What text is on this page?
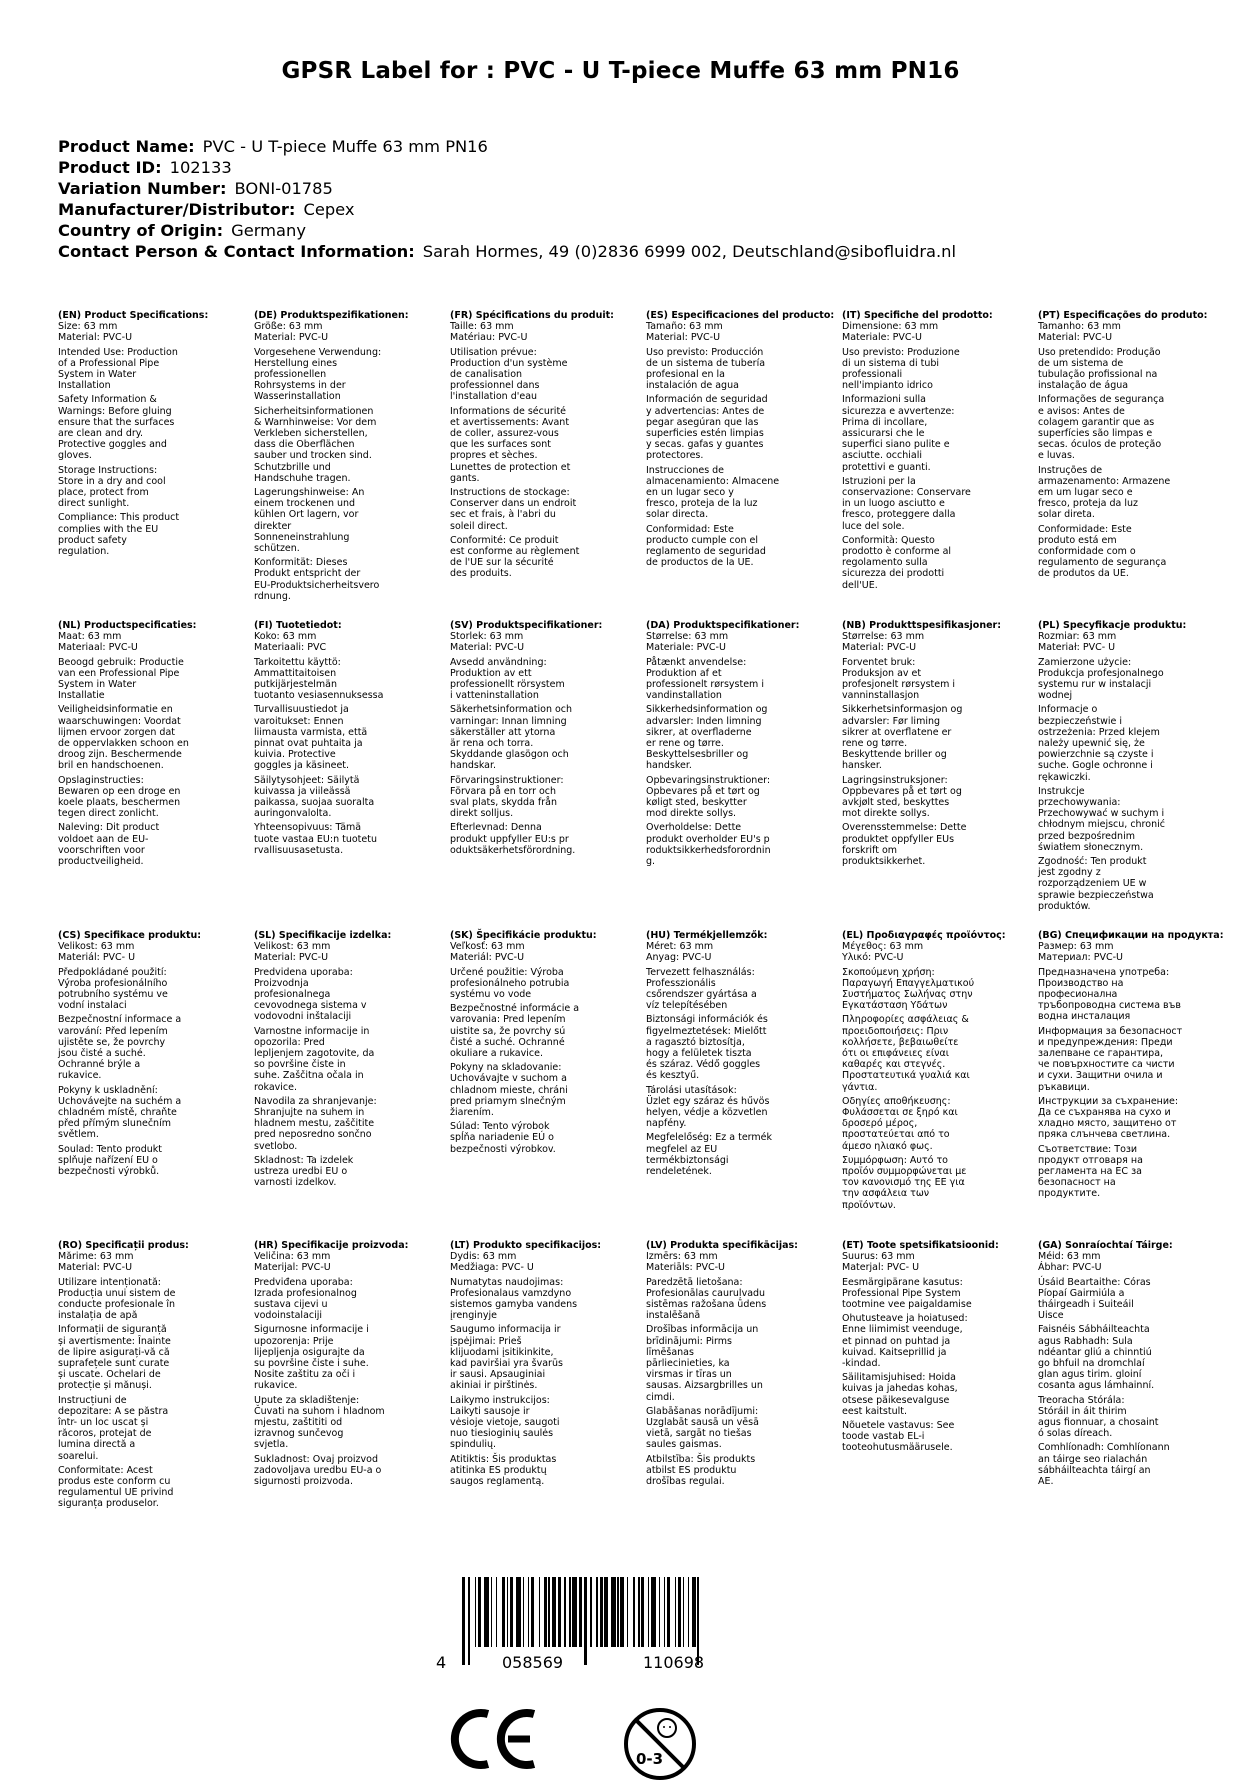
GPSR Label for : PVC - U T-piece Muffe 63 mm PN16
Product Name: PVC - U T-piece Muffe 63 mm PN16
Product ID: 102133
Variation Number: BONI-01785
Manufacturer/Distributor: Cepex
Country of Origin: Germany
Contact Person & Contact Information: Sarah Hormes, 49 (0)2836 6999 002, Deutschland@sibofluidra.nl
(EN) Product Specifications:
Size: 63 mm
Material: PVC-U

Intended Use: Production
of a Professional Pipe
System in Water
Installation

Safety Information &
Warnings: Before gluing
ensure that the surfaces
are clean and dry.
Protective goggles and
gloves.

Storage Instructions:
Store in a dry and cool
place, protect from
direct sunlight.

Compliance: This product
complies with the EU
product safety
regulation.

(DE) Produktspezifikationen:
Größe: 63 mm
Material: PVC-U

Vorgesehene Verwendung:
Herstellung eines
professionellen
Rohrsystems in der
Wasserinstallation

Sicherheitsinformationen
& Warnhinweise: Vor dem
Verkleben sicherstellen,
dass die Oberflächen
sauber und trocken sind.
Schutzbrille und
Handschuhe tragen.

Lagerungshinweise: An
einem trockenen und
kühlen Ort lagern, vor
direkter
Sonneneinstrahlung
schützen.

Konformität: Dieses
Produkt entspricht der
EU-Produktsicherheitsvero
rdnung.

(FR) Spécifications du produit:
Taille: 63 mm
Matériau: PVC-U

Utilisation prévue:
Production d'un système
de canalisation
professionnel dans
l'installation d'eau

Informations de sécurité
et avertissements: Avant
de coller, assurez-vous
que les surfaces sont
propres et sèches.
Lunettes de protection et
gants.

Instructions de stockage:
Conserver dans un endroit
sec et frais, à l'abri du
soleil direct.

Conformité: Ce produit
est conforme au règlement
de l'UE sur la sécurité
des produits.

(ES) Especificaciones del producto:
Tamaño: 63 mm
Material: PVC-U

Uso previsto: Producción
de un sistema de tubería
profesional en la
instalación de agua

Información de seguridad
y advertencias: Antes de
pegar asegúran que las
superficies estén limpias
y secas. gafas y guantes
protectores.

Instrucciones de
almacenamiento: Almacene
en un lugar seco y
fresco, proteja de la luz
solar directa.

Conformidad: Este
producto cumple con el
reglamento de seguridad
de productos de la UE.

(IT) Specifiche del prodotto:
Dimensione: 63 mm
Materiale: PVC-U

Uso previsto: Produzione
di un sistema di tubi
professionali
nell'impianto idrico

Informazioni sulla
sicurezza e avvertenze:
Prima di incollare,
assicurarsi che le
superfici siano pulite e
asciutte. occhiali
protettivi e guanti.

Istruzioni per la
conservazione: Conservare
in un luogo asciutto e
fresco, proteggere dalla
luce del sole.

Conformità: Questo
prodotto è conforme al
regolamento sulla
sicurezza dei prodotti
dell'UE.

(PT) Especificações do produto:
Tamanho: 63 mm
Material: PVC-U

Uso pretendido: Produção
de um sistema de
tubulação profissional na
instalação de água

Informações de segurança
e avisos: Antes de
colagem garantir que as
superfícies são limpas e
secas. óculos de proteção
e luvas.

Instruções de
armazenamento: Armazene
em um lugar seco e
fresco, proteja da luz
solar direta.

Conformidade: Este
produto está em
conformidade com o
regulamento de segurança
de produtos da UE.

(NL) Productspecificaties:
Maat: 63 mm
Materiaal: PVC-U

Beoogd gebruik: Productie
van een Professional Pipe
System in Water
Installatie

Veiligheidsinformatie en
waarschuwingen: Voordat
lijmen ervoor zorgen dat
de oppervlakken schoon en
droog zijn. Beschermende
bril en handschoenen.

Opslaginstructies:
Bewaren op een droge en
koele plaats, beschermen
tegen direct zonlicht.

Naleving: Dit product
voldoet aan de EU-
voorschriften voor
productveiligheid.

(FI) Tuotetiedot:
Koko: 63 mm
Materiaali: PVC

Tarkoitettu käyttö:
Ammattitaitoisen
putkijärjestelmän
tuotanto vesiasennuksessa

Turvallisuustiedot ja
varoitukset: Ennen
liimausta varmista, että
pinnat ovat puhtaita ja
kuivia. Protective
goggles ja käsineet.

Säilytysohjeet: Säilytä
kuivassa ja viileässä
paikassa, suojaa suoralta
auringonvalolta.

Yhteensopivuus: Tämä
tuote vastaa EU:n tuotetu
rvallisuusasetusta.

(SV) Produktspecifikationer:
Storlek: 63 mm
Material: PVC-U

Avsedd användning:
Produktion av ett
professionellt rörsystem
i vatteninstallation

Säkerhetsinformation och
varningar: Innan limning
säkerställer att ytorna
är rena och torra.
Skyddande glasögon och
handskar.

Förvaringsinstruktioner:
Förvara på en torr och
sval plats, skydda från
direkt solljus.

Efterlevnad: Denna
produkt uppfyller EU:s pr
oduktsäkerhetsförordning.

(DA) Produktspecifikationer:
Størrelse: 63 mm
Materiale: PVC-U

Påtænkt anvendelse:
Produktion af et
professionelt rørsystem i
vandinstallation

Sikkerhedsinformation og
advarsler: Inden limning
sikrer, at overfladerne
er rene og tørre.
Beskyttelsesbriller og
handsker.

Opbevaringsinstruktioner:
Opbevares på et tørt og
køligt sted, beskytter
mod direkte sollys.

Overholdelse: Dette
produkt overholder EU's p
roduktsikkerhedsforordnin
g.

(NB) Produkttspesifikasjoner:
Størrelse: 63 mm
Material: PVC-U

Forventet bruk:
Produksjon av et
profesjonelt rørsystem i
vanninstallasjon

Sikkerhetsinformasjon og
advarsler: Før liming
sikrer at overflatene er
rene og tørre.
Beskyttende briller og
hansker.

Lagringsinstruksjoner:
Oppbevares på et tørt og
avkjølt sted, beskyttes
mot direkte sollys.

Overensstemmelse: Dette
produktet oppfyller EUs
forskrift om
produktsikkerhet.

(PL) Specyfikacje produktu:
Rozmiar: 63 mm
Materiał: PVC- U

Zamierzone użycie:
Produkcja profesjonalnego
systemu rur w instalacji
wodnej

Informacje o
bezpieczeństwie i
ostrzeżenia: Przed klejem
należy upewnić się, że
powierzchnie są czyste i
suche. Gogle ochronne i
rękawiczki.

Instrukcje
przechowywania:
Przechowywać w suchym i
chłodnym miejscu, chronić
przed bezpośrednim
światłem słonecznym.

Zgodność: Ten produkt
jest zgodny z
rozporządzeniem UE w
sprawie bezpieczeństwa
produktów.

(CS) Specifikace produktu:
Velikost: 63 mm
Materiál: PVC- U

Předpokládané použití:
Výroba profesionálního
potrubního systému ve
vodní instalaci

Bezpečnostní informace a
varování: Před lepením
ujistěte se, že povrchy
jsou čisté a suché.
Ochranné brýle a
rukavice.

Pokyny k uskladnění:
Uchovávejte na suchém a
chladném místě, chraňte
před přímým slunečním
světlem.

Soulad: Tento produkt
splňuje nařízení EU o
bezpečnosti výrobků.

(SL) Specifikacije izdelka:
Velikost: 63 mm
Material: PVC-U

Predvidena uporaba:
Proizvodnja
profesionalnega
cevovodnega sistema v
vodovodni inštalaciji

Varnostne informacije in
opozorila: Pred
lepljenjem zagotovite, da
so površine čiste in
suhe. Zaščitna očala in
rokavice.

Navodila za shranjevanje:
Shranjujte na suhem in
hladnem mestu, zaščitite
pred neposredno sončno
svetlobo.

Skladnost: Ta izdelek
ustreza uredbi EU o
varnosti izdelkov.

(SK) Špecifikácie produktu:
Veľkosť: 63 mm
Materiál: PVC-U

Určené použitie: Výroba
profesionálneho potrubia
systému vo vode

Bezpečnostné informácie a
varovania: Pred lepením
uistite sa, že povrchy sú
čisté a suché. Ochranné
okuliare a rukavice.

Pokyny na skladovanie:
Uchovávajte v suchom a
chladnom mieste, chráni
pred priamym slnečným
žiarením.

Súlad: Tento výrobok
spĺňa nariadenie EÚ o
bezpečnosti výrobkov.

(HU) Termékjellemzők:
Méret: 63 mm
Anyag: PVC-U

Tervezett felhasználás:
Professzionális
csőrendszer gyártása a
víz telepítésében

Biztonsági információk és
figyelmeztetések: Mielőtt
a ragasztó biztosítja,
hogy a felületek tiszta
és száraz. Védő goggles
és kesztyű.

Tárolási utasítások:
Üzlet egy száraz és hűvös
helyen, védje a közvetlen
napfény.

Megfelelőség: Ez a termék
megfelel az EU
termékbiztonsági
rendeletének.

(EL) Προδιαγραφές προϊόντος:
Μέγεθος: 63 mm
Υλικό: PVC-U

Σκοπούμενη χρήση:
Παραγωγή Επαγγελματικού
Συστήματος Σωλήνας στην
Εγκατάσταση Υδάτων

Πληροφορίες ασφάλειας &
προειδοποιήσεις: Πριν
κολλήσετε, βεβαιωθείτε
ότι οι επιφάνειες είναι
καθαρές και στεγνές.
Προστατευτικά γυαλιά και
γάντια.

Οδηγίες αποθήκευσης:
Φυλάσσεται σε ξηρό και
δροσερό μέρος,
προστατεύεται από το
άμεσο ηλιακό φως.

Συμμόρφωση: Αυτό το
προϊόν συμμορφώνεται με
τον κανονισμό της ΕΕ για
την ασφάλεια των
προϊόντων.

(BG) Спецификации на продукта:
Размер: 63 mm
Материал: PVC-U

Предназначена употреба:
Производство на
професионална
тръбопроводна система във
водна инсталация

Информация за безопасност
и предупреждения: Преди
залепване се гарантира,
че повърхностите са чисти
и сухи. Защитни очила и
ръкавици.

Инструкции за съхранение:
Да се съхранява на сухо и
хладно място, защитено от
пряка слънчева светлина.

Съответствие: Този
продукт отговаря на
регламента на ЕС за
безопасност на
продуктите.

(RO) Specificații produs:
Mărime: 63 mm
Material: PVC-U

Utilizare intenționată:
Producția unui sistem de
conducte profesionale în
instalația de apă

Informații de siguranță
și avertismente: Înainte
de lipire asigurați-vă că
suprafețele sunt curate
și uscate. Ochelari de
protecție și mănuși.

Instrucțiuni de
depozitare: A se păstra
într- un loc uscat și
răcoros, protejat de
lumina directă a
soarelui.

Conformitate: Acest
produs este conform cu
regulamentul UE privind
siguranța produselor.

(HR) Specifikacije proizvoda:
Veličina: 63 mm
Materijal: PVC-U

Predviđena uporaba:
Izrada profesionalnog
sustava cijevi u
vodoinstalaciji

Sigurnosne informacije i
upozorenja: Prije
lijepljenja osigurajte da
su površine čiste i suhe.
Nosite zaštitu za oči i
rukavice.

Upute za skladištenje:
Čuvati na suhom i hladnom
mjestu, zaštititi od
izravnog sunčevog
svjetla.

Sukladnost: Ovaj proizvod
zadovoljava uredbu EU-a o
sigurnosti proizvoda.

(LT) Produkto specifikacijos:
Dydis: 63 mm
Medžiaga: PVC- U

Numatytas naudojimas:
Profesionalaus vamzdyno
sistemos gamyba vandens
įrenginyje

Saugumo informacija ir
įspėjimai: Prieš
klijuodami įsitikinkite,
kad paviršiai yra švarūs
ir sausi. Apsauginiai
akiniai ir pirštinės.

Laikymo instrukcijos:
Laikyti sausoje ir
vėsioje vietoje, saugoti
nuo tiesioginių saulės
spindulių.

Atitiktis: Šis produktas
atitinka ES produktų
saugos reglamentą.

(LV) Produkta specifikācijas:
Izmērs: 63 mm
Materiāls: PVC-U

Paredzētā lietošana:
Profesionālas cauruļvadu
sistēmas ražošana ūdens
instalēšanā

Drošības informācija un
brīdinājumi: Pirms
līmēšanas
pārliecinieties, ka
virsmas ir tīras un
sausas. Aizsargbrilles un
cimdi.

Glabāšanas norādījumi:
Uzglabāt sausā un vēsā
vietā, sargāt no tiešas
saules gaismas.

Atbilstība: Šis produkts
atbilst ES produktu
drošības regulai.

(ET) Toote spetsifikatsioonid:
Suurus: 63 mm
Materjal: PVC- U

Eesmärgipärane kasutus:
Professional Pipe System
tootmine vee paigaldamise

Ohutusteave ja hoiatused:
Enne liimimist veenduge,
et pinnad on puhtad ja
kuivad. Kaitseprillid ja
-kindad.

Säilitamisjuhised: Hoida
kuivas ja jahedas kohas,
otsese päikesevalguse
eest kaitstult.

Nõuetele vastavus: See
toode vastab EL-i
tooteohutusmäärusele.

(GA) Sonraíochtaí Táirge:
Méid: 63 mm
Ábhar: PVC-U

Úsáid Beartaithe: Córas
Píopaí Gairmiúla a
tháirgeadh i Suiteáil
Uisce

Faisnéis Sábháilteachta
agus Rabhadh: Sula
ndéantar gliú a chinntiú
go bhfuil na dromchlaí
glan agus tirim. gloiní
cosanta agus lámhainní.

Treoracha Stórála:
Stóráil in áit thirim
agus fionnuar, a chosaint
ó solas díreach.

Comhlíonadh: Comhlíonann
an táirge seo rialachán
sábháilteachta táirgí an
AE.

4	058569	110698
0-3
